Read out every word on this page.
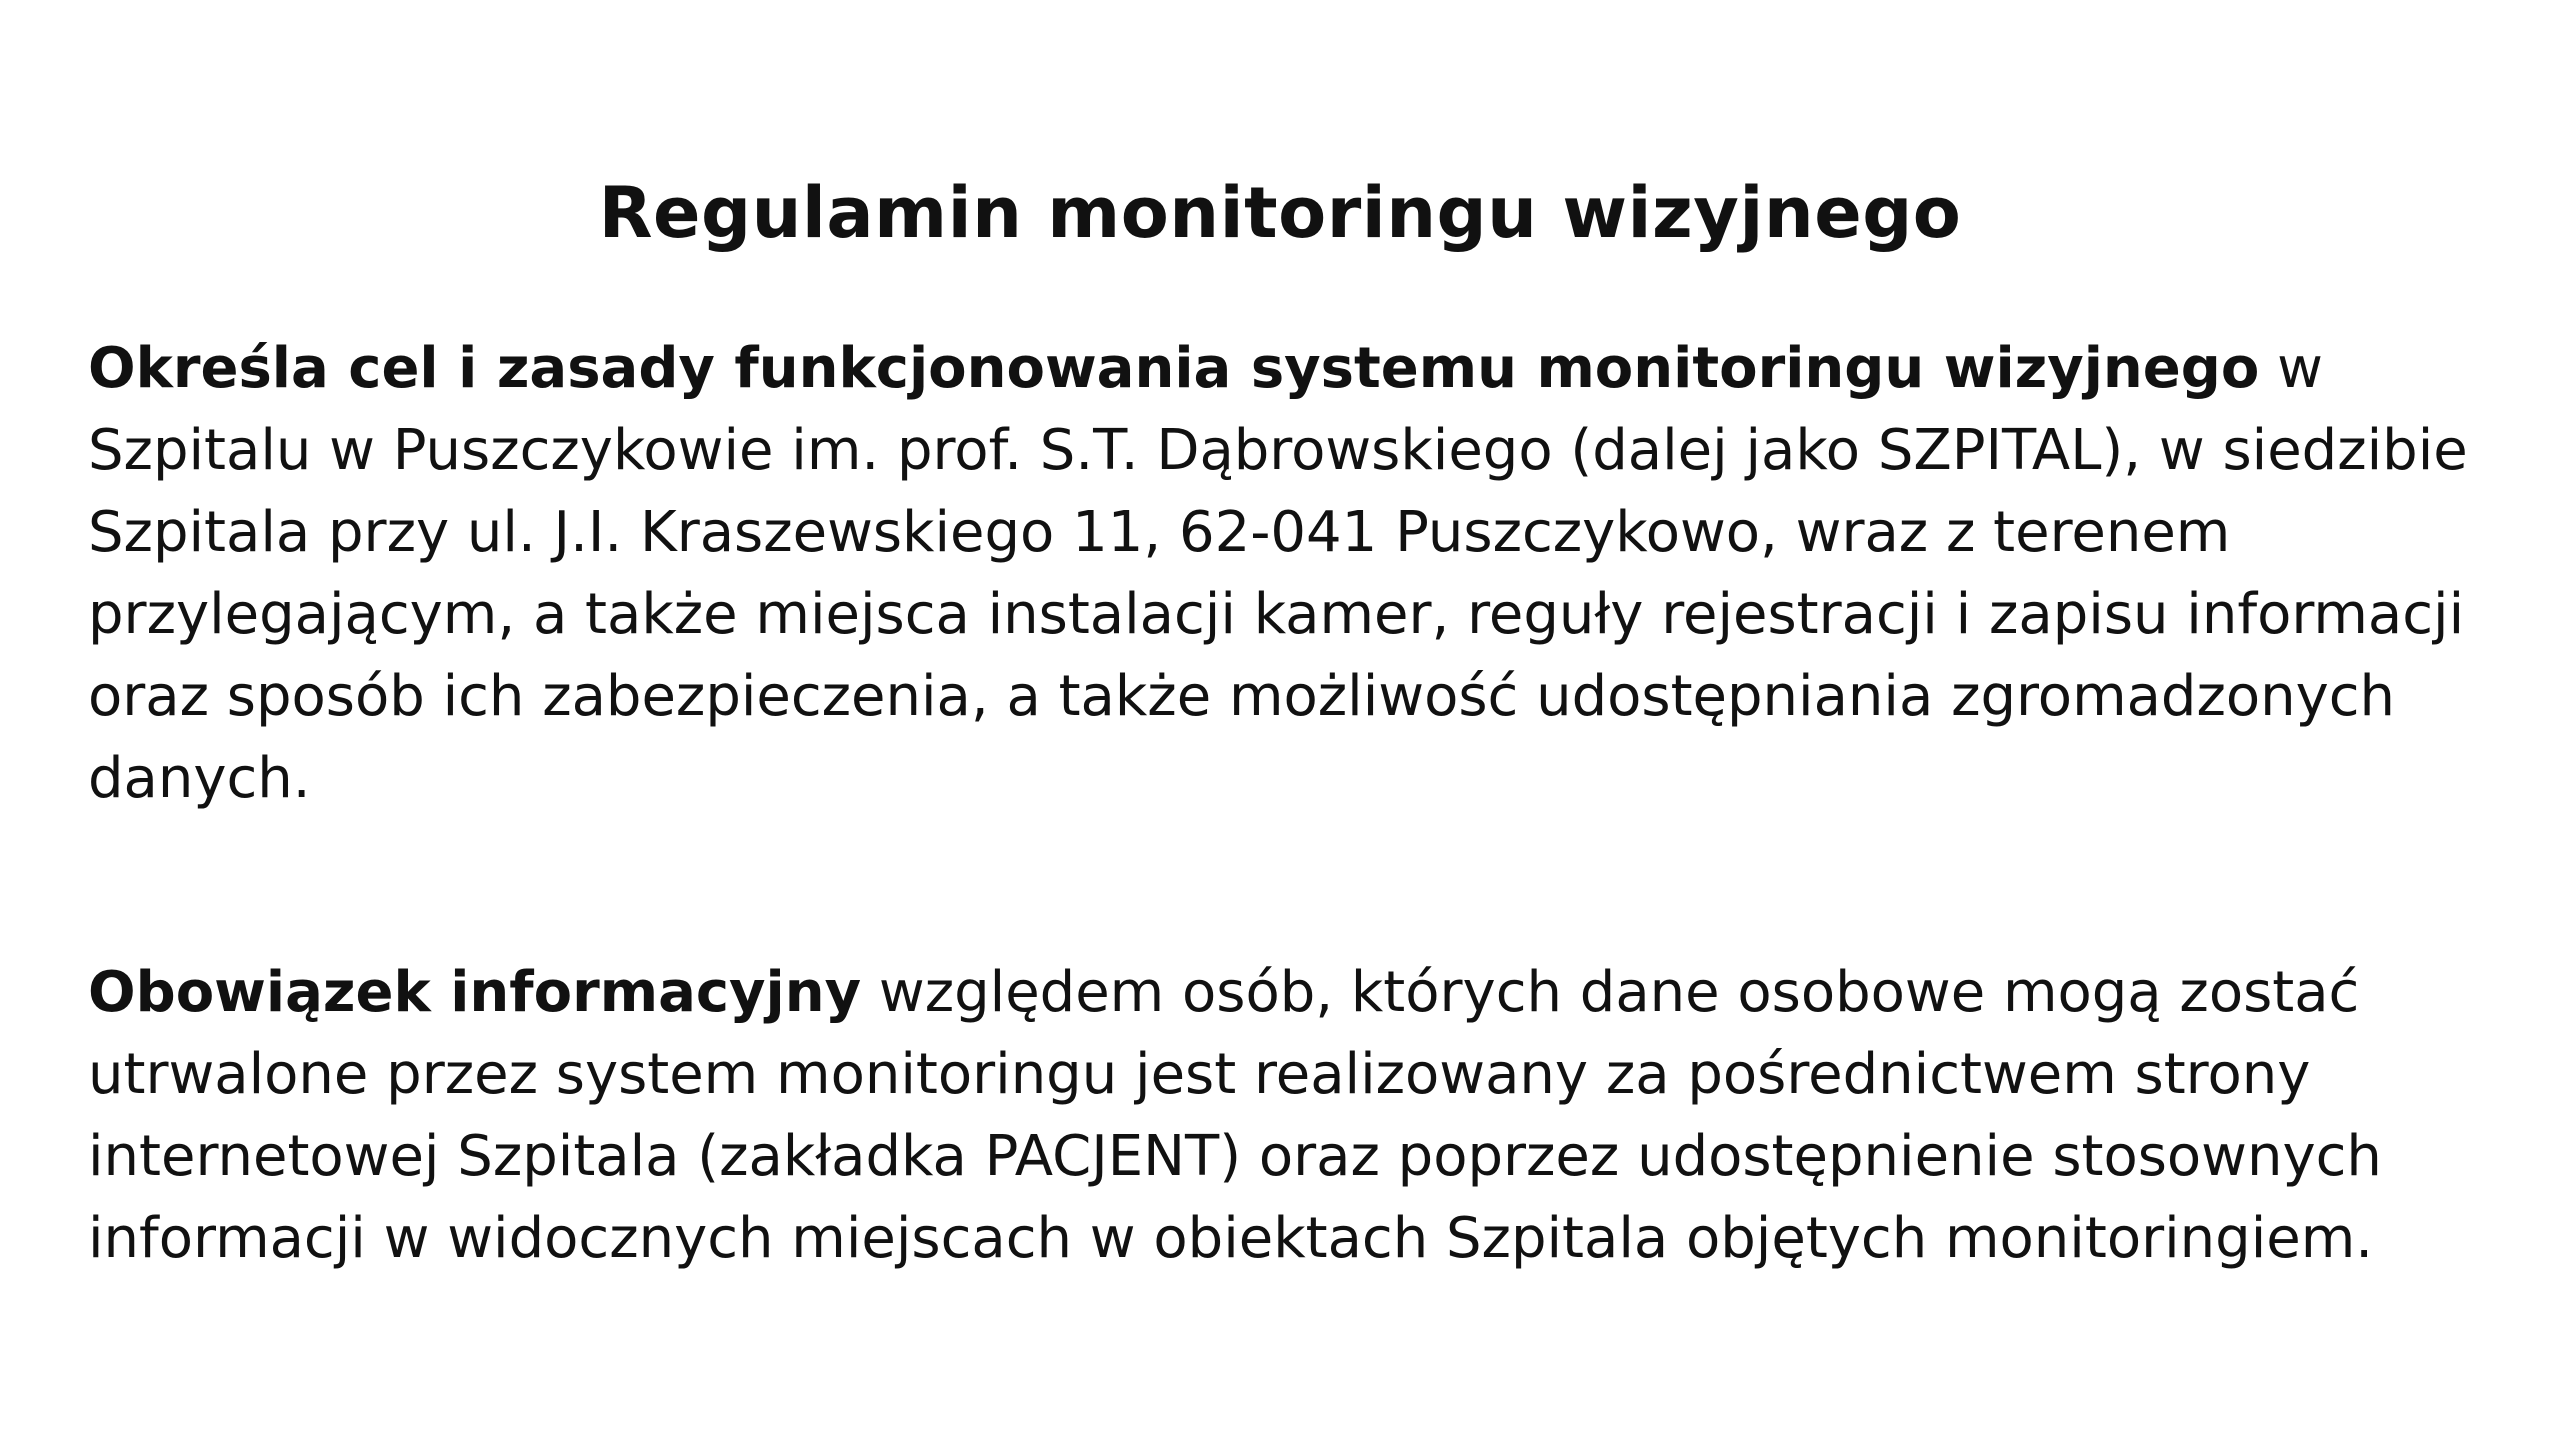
Regulamin monitoringu wizyjnego

Określa cel i zasady funkcjonowania systemu monitoringu wizyjnego w Szpitalu w Puszczykowie im. prof. S.T. Dąbrowskiego (dalej jako SZPITAL), w siedzibie Szpitala przy ul. J.I. Kraszewskiego 11, 62-041 Puszczykowo, wraz z terenem przylegającym, a także miejsca instalacji kamer, reguły rejestracji i zapisu informacji oraz sposób ich zabezpieczenia, a także możliwość udostępniania zgromadzonych danych.

Obowiązek informacyjny względem osób, których dane osobowe mogą zostać utrwalone przez system monitoringu jest realizowany za pośrednictwem strony internetowej Szpitala (zakładka PACJENT) oraz poprzez udostępnienie stosownych informacji w widocznych miejscach w obiektach Szpitala objętych monitoringiem.
